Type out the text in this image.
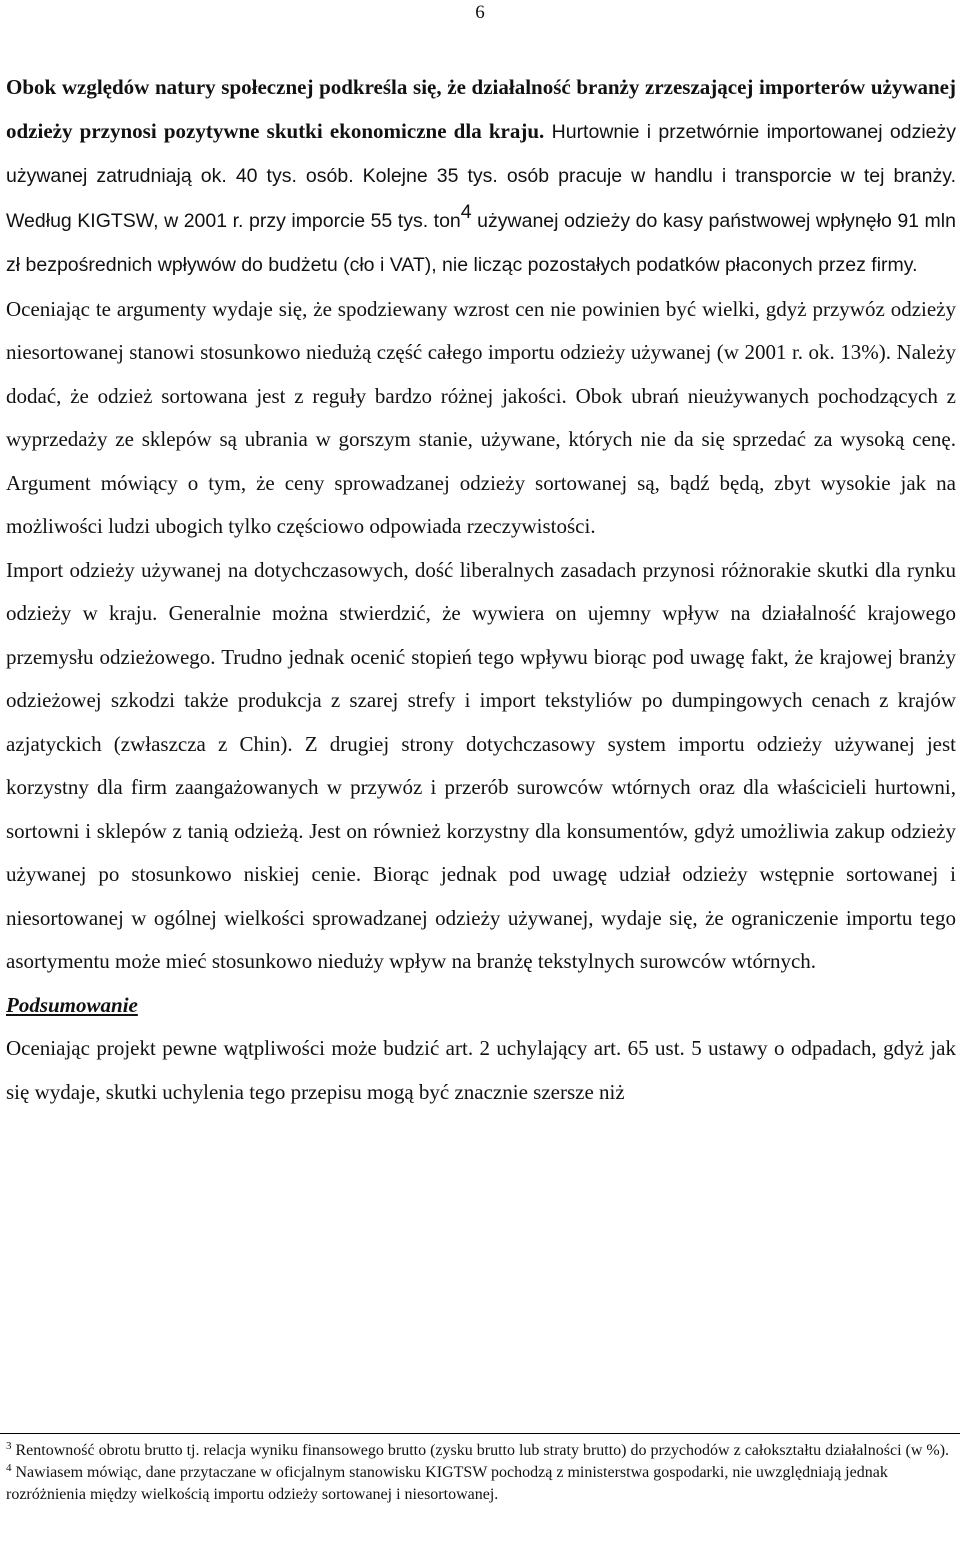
6

Obok względów natury społecznej podkreśla się, że działalność branży zrzeszającej importerów używanej odzieży przynosi pozytywne skutki ekonomiczne dla kraju. Hurtownie i przetwórnie importowanej odzieży używanej zatrudniają ok. 40 tys. osób. Kolejne 35 tys. osób pracuje w handlu i transporcie w tej branży. Według KIGTSW, w 2001 r. przy imporcie 55 tys. ton$^4$ używanej odzieży do kasy państwowej wpłynęło 91 mln zł bezpośrednich wpływów do budżetu (cło i VAT), nie licząc pozostałych podatków płaconych przez firmy.

Oceniając te argumenty wydaje się, że spodziewany wzrost cen nie powinien być wielki, gdyż przywóz odzieży niesortowanej stanowi stosunkowo niedużą część całego importu odzieży używanej (w 2001 r. ok. 13%). Należy dodać, że odzież sortowana jest z reguły bardzo różnej jakości. Obok ubrań nieużywanych pochodzących z wyprzedaży ze sklepów są ubrania w gorszym stanie, używane, których nie da się sprzedać za wysoką cenę. Argument mówiący o tym, że ceny sprowadzanej odzieży sortowanej są, bądź będą, zbyt wysokie jak na możliwości ludzi ubogich tylko częściowo odpowiada rzeczywistości.

Import odzieży używanej na dotychczasowych, dość liberalnych zasadach przynosi różnorakie skutki dla rynku odzieży w kraju. Generalnie można stwierdzić, że wywiera on ujemny wpływ na działalność krajowego przemysłu odzieżowego. Trudno jednak ocenić stopień tego wpływu biorąc pod uwagę fakt, że krajowej branży odzieżowej szkodzi także produkcja z szarej strefy i import tekstyliów po dumpingowych cenach z krajów azjatyckich (zwłaszcza z Chin). Z drugiej strony dotychczasowy system importu odzieży używanej jest korzystny dla firm zaangażowanych w przywóz i przerób surowców wtórnych oraz dla właścicieli hurtowni, sortowni i sklepów z tanią odzieżą. Jest on również korzystny dla konsumentów, gdyż umożliwia zakup odzieży używanej po stosunkowo niskiej cenie. Biorąc jednak pod uwagę udział odzieży wstępnie sortowanej i niesortowanej w ogólnej wielkości sprowadzanej odzieży używanej, wydaje się, że ograniczenie importu tego asortymentu może mieć stosunkowo nieduży wpływ na branżę tekstylnych surowców wtórnych.

Podsumowanie

Oceniając projekt pewne wątpliwości może budzić art. 2 uchylający art. 65 ust. 5 ustawy o odpadach, gdyż jak się wydaje, skutki uchylenia tego przepisu mogą być znacznie szersze niż

$^3$ Rentowność obrotu brutto tj. relacja wyniku finansowego brutto (zysku brutto lub straty brutto) do przychodów z całokształtu działalności (w %).

$^4$ Nawiasem mówiąc, dane przytaczane w oficjalnym stanowisku KIGTSW pochodzą z ministerstwa gospodarki, nie uwzględniają jednak rozróżnienia między wielkością importu odzieży sortowanej i niesortowanej.
